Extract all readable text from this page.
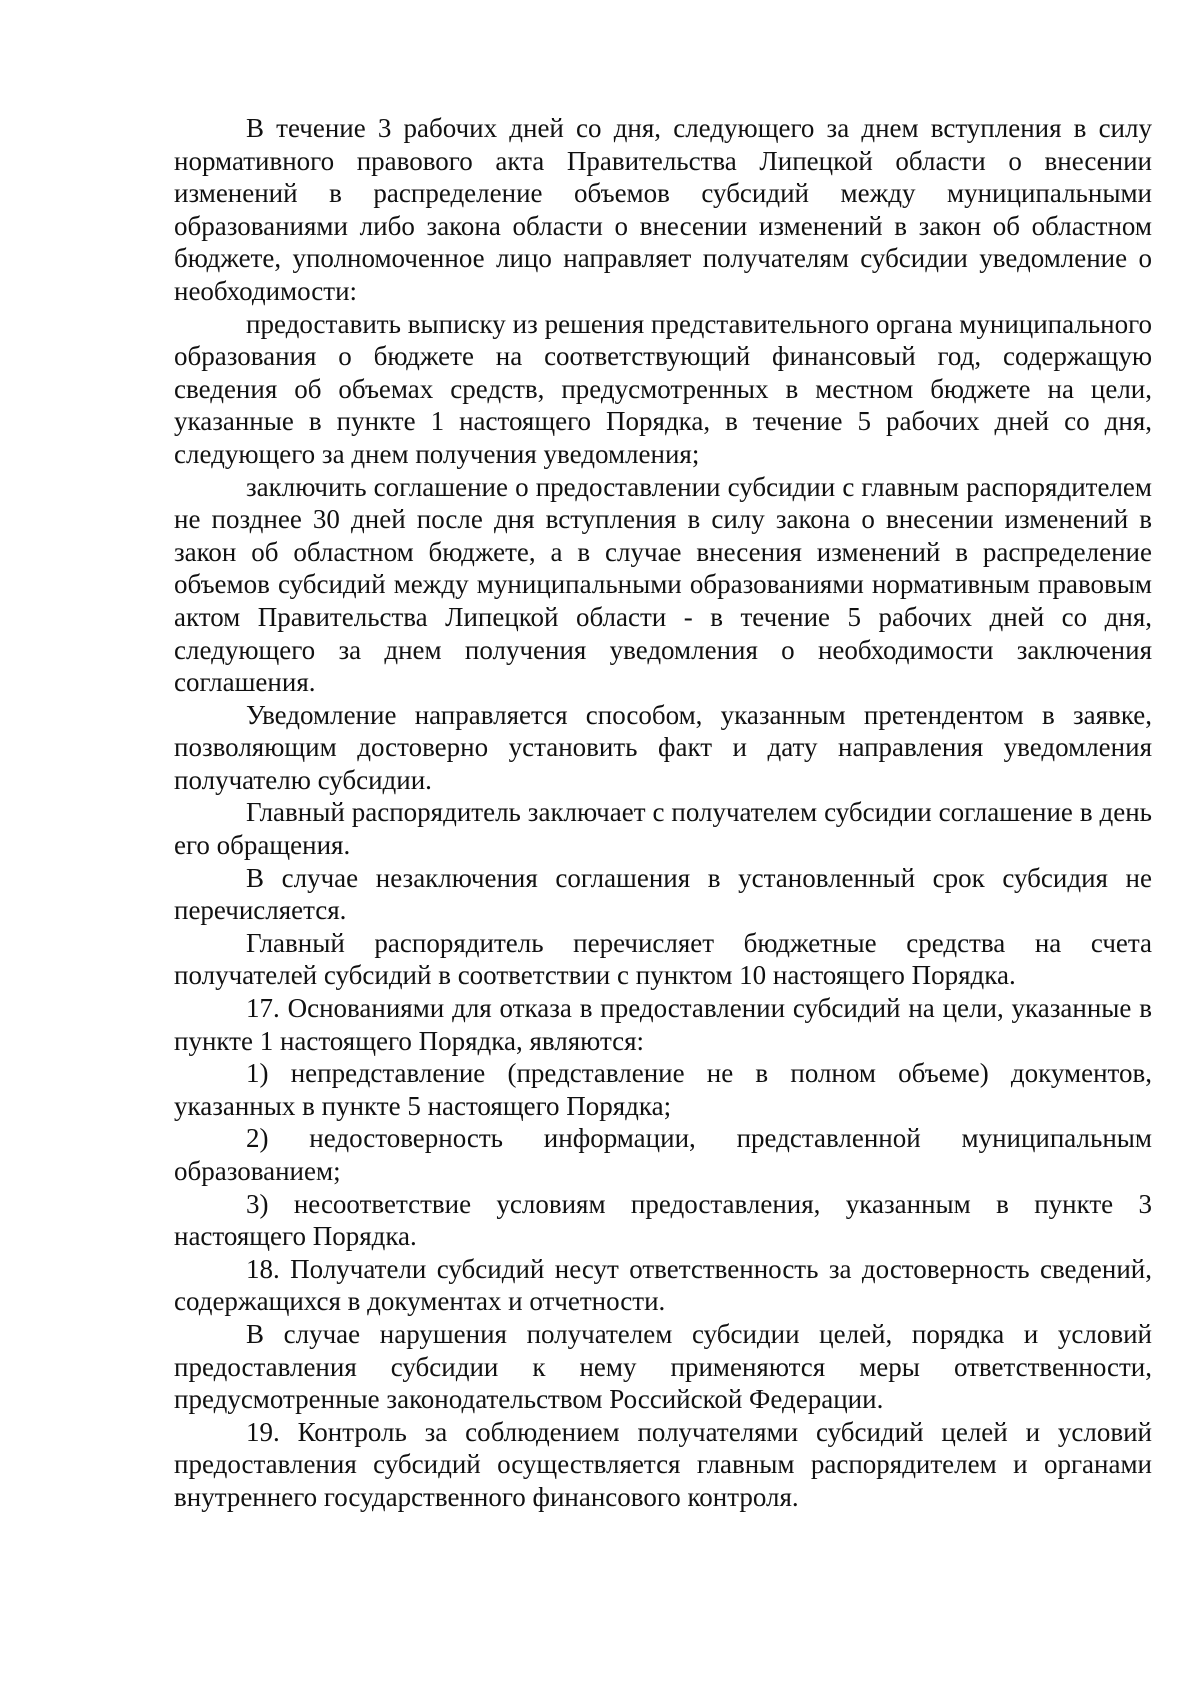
В течение 3 рабочих дней со дня, следующего за днем вступления в силу нормативного правового акта Правительства Липецкой области о внесении изменений в распределение объемов субсидий между муниципальными образованиями либо закона области о внесении изменений в закон об областном бюджете, уполномоченное лицо направляет получателям субсидии уведомление о необходимости:

предоставить выписку из решения представительного органа муниципального образования о бюджете на соответствующий финансовый год, содержащую сведения об объемах средств, предусмотренных в местном бюджете на цели, указанные в пункте 1 настоящего Порядка, в течение 5 рабочих дней со дня, следующего за днем получения уведомления;

заключить соглашение о предоставлении субсидии с главным распорядителем не позднее 30 дней после дня вступления в силу закона о внесении изменений в закон об областном бюджете, а в случае внесения изменений в распределение объемов субсидий между муниципальными образованиями нормативным правовым актом Правительства Липецкой области - в течение 5 рабочих дней со дня, следующего за днем получения уведомления о необходимости заключения соглашения.

Уведомление направляется способом, указанным претендентом в заявке, позволяющим достоверно установить факт и дату направления уведомления получателю субсидии.

Главный распорядитель заключает с получателем субсидии соглашение в день его обращения.

В случае незаключения соглашения в установленный срок субсидия не перечисляется.

Главный распорядитель перечисляет бюджетные средства на счета получателей субсидий в соответствии с пунктом 10 настоящего Порядка.

17. Основаниями для отказа в предоставлении субсидий на цели, указанные в пункте 1 настоящего Порядка, являются:

1) непредставление (представление не в полном объеме) документов, указанных в пункте 5 настоящего Порядка;

2) недостоверность информации, представленной муниципальным образованием;

3) несоответствие условиям предоставления, указанным в пункте 3 настоящего Порядка.

18. Получатели субсидий несут ответственность за достоверность сведений, содержащихся в документах и отчетности.

В случае нарушения получателем субсидии целей, порядка и условий предоставления субсидии к нему применяются меры ответственности, предусмотренные законодательством Российской Федерации.

19. Контроль за соблюдением получателями субсидий целей и условий предоставления субсидий осуществляется главным распорядителем и органами внутреннего государственного финансового контроля.
